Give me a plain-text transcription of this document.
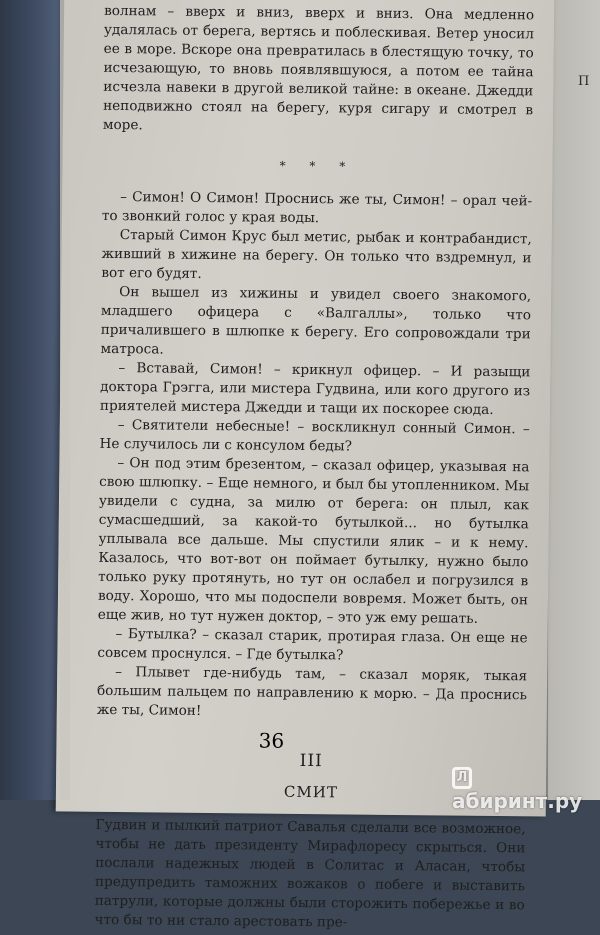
П

волнам – вверх и вниз, вверх и вниз. Она медленно удалялась от берега, вертясь и поблескивая. Ветер уносил ее в море. Вскоре она превратилась в блестящую точку, то исчезающую, то вновь появлявшуюся, а потом ее тайна исчезла навеки в другой великой тайне: в океане. Джедди неподвижно стоял на берегу, куря сигару и смотрел в море.

* * *

– Симон! О Симон! Проснись же ты, Симон! – орал чей-то звонкий голос у края воды.

Старый Симон Крус был метис, рыбак и контрабандист, живший в хижине на берегу. Он только что вздремнул, и вот его будят.

Он вышел из хижины и увидел своего знакомого, младшего офицера с «Валгаллы», только что причалившего в шлюпке к берегу. Его сопровождали три матроса.

– Вставай, Симон! – крикнул офицер. – И разыщи доктора Грэгга, или мистера Гудвина, или кого другого из приятелей мистера Джедди и тащи их поскорее сюда.

– Святители небесные! – воскликнул сонный Симон. – Не случилось ли с консулом беды?

– Он под этим брезентом, – сказал офицер, указывая на свою шлюпку. – Еще немного, и был бы утопленником. Мы увидели с судна, за милю от берега: он плыл, как сумасшедший, за какой-то бутылкой... но бутылка уплывала все дальше. Мы спустили ялик – и к нему. Казалось, что вот-вот он поймает бутылку, нужно было только руку протянуть, но тут он ослабел и погрузился в воду. Хорошо, что мы подоспели вовремя. Может быть, он еще жив, но тут нужен доктор, – это уж ему решать.

– Бутылка? – сказал старик, протирая глаза. Он еще не совсем проснулся. – Где бутылка?

– Плывет где-нибудь там, – сказал моряк, тыкая большим пальцем по направлению к морю. – Да проснись же ты, Симон!

III
СМИТ

Гудвин и пылкий патриот Савалья сделали все возможное, чтобы не дать президенту Мирафлоресу скрыться. Они послали надежных людей в Солитас и Аласан, чтобы предупредить таможних вожаков о побеге и выставить патрули, которые должны были сторожить побережье и во что бы то ни стало арестовать пре-

36
Лабиринт.ру
